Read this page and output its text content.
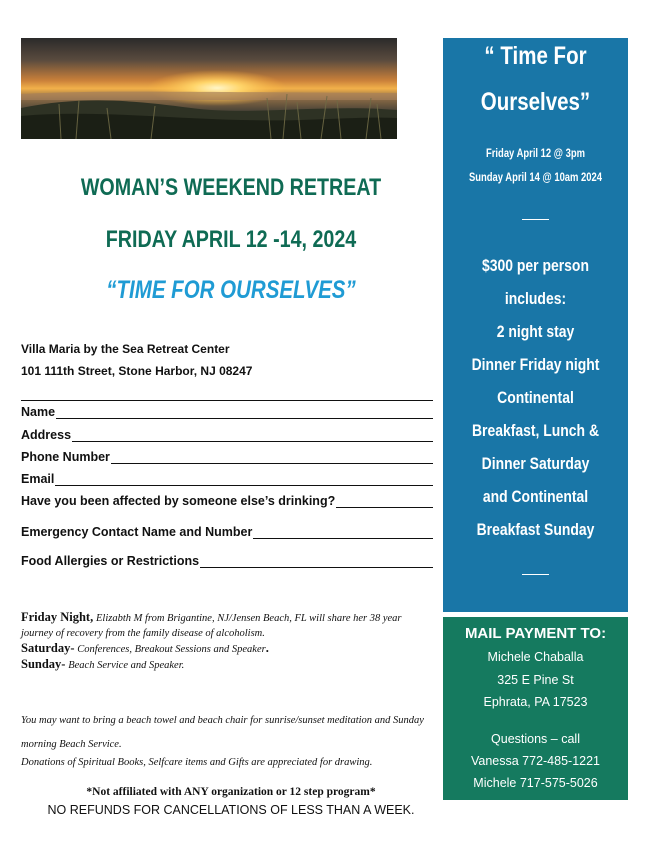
WOMAN’S WEEKEND RETREAT
FRIDAY APRIL 12 -14, 2024
“TIME FOR OURSELVES”
Villa Maria by the Sea Retreat Center
101 111th Street, Stone Harbor, NJ 08247
Name
Address
Phone Number
Email
Have you been affected by someone else’s drinking?
Emergency Contact Name and Number
Food Allergies or Restrictions
Friday Night, Elizabth M from Brigantine, NJ/Jensen Beach, FL will share her 38 year journey of recovery from the family disease of alcoholism.
Saturday- Conferences, Breakout Sessions and Speaker.
Sunday- Beach Service and Speaker.
You may want to bring a beach towel and beach chair for sunrise/sunset meditation and Sunday morning Beach Service.
Donations of Spiritual Books, Selfcare items and Gifts are appreciated for drawing.
*Not affiliated with ANY organization or 12 step program*
NO REFUNDS FOR CANCELLATIONS OF LESS THAN A WEEK.
“ Time For
Ourselves”
Friday April 12 @ 3pm
Sunday April 14 @ 10am 2024
$300 per person
includes:
2 night stay
Dinner Friday night
Continental
Breakfast, Lunch &
Dinner Saturday
and Continental
Breakfast Sunday
MAIL PAYMENT TO:
Michele Chaballa
325 E Pine St
Ephrata, PA 17523
Questions – call
Vanessa 772-485-1221
Michele 717-575-5026
